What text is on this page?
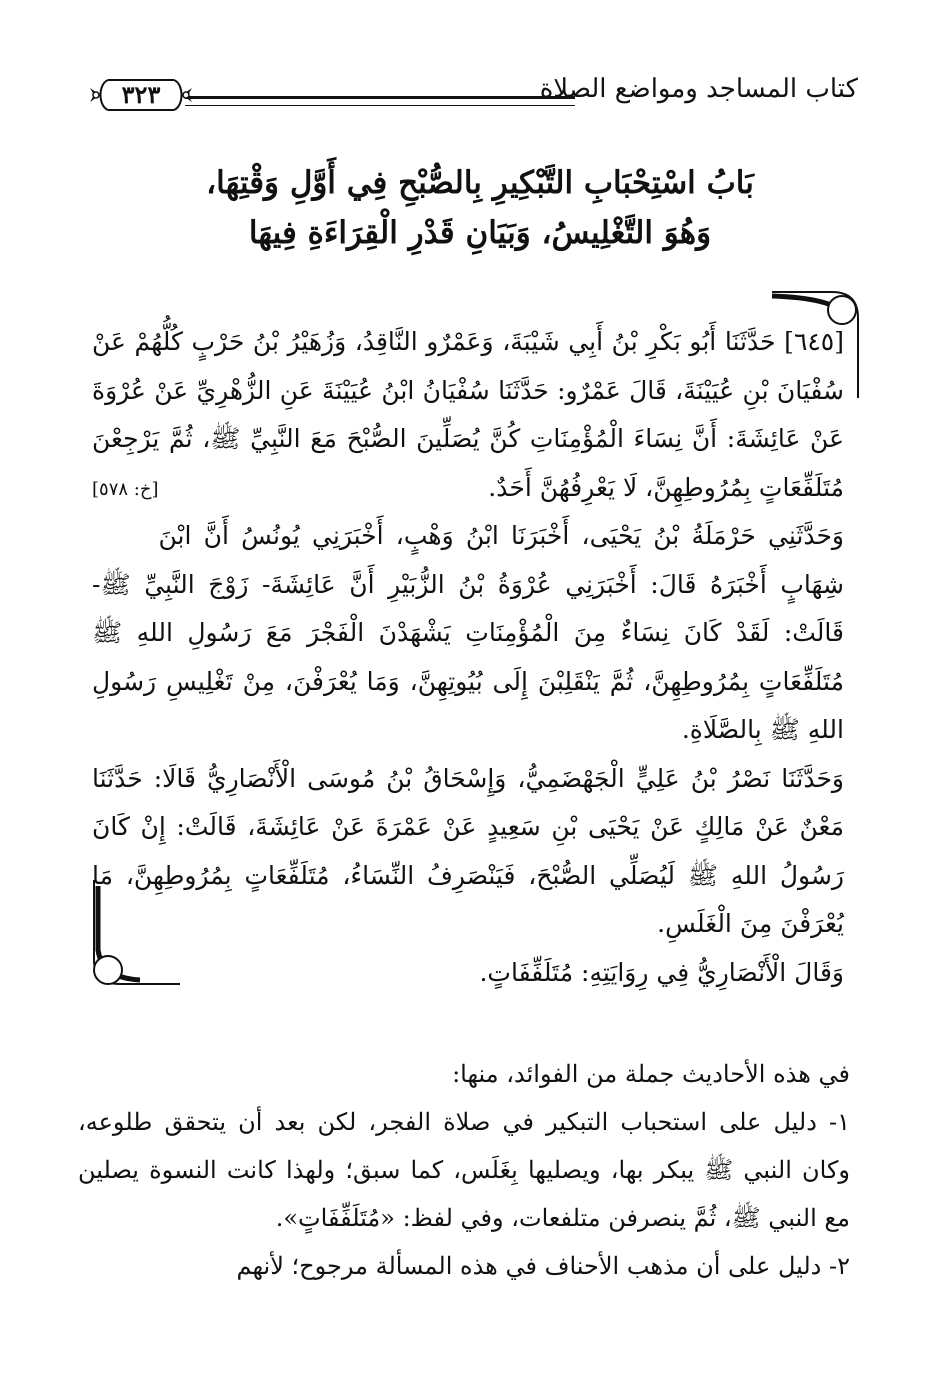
كتاب المساجد ومواضع الصلاة
٣٢٣
بَابُ اسْتِحْبَابِ التَّبْكِيرِ بِالصُّبْحِ فِي أَوَّلِ وَقْتِهَا،
وَهُوَ التَّغْلِيسُ، وَبَيَانِ قَدْرِ الْقِرَاءَةِ فِيهَا

[٦٤٥] حَدَّثَنَا أَبُو بَكْرِ بْنُ أَبِي شَيْبَةَ، وَعَمْرٌو النَّاقِدُ، وَزُهَيْرُ بْنُ حَرْبٍ كُلُّهُمْ عَنْ سُفْيَانَ بْنِ عُيَيْنَةَ، قَالَ عَمْرٌو: حَدَّثَنَا سُفْيَانُ ابْنُ عُيَيْنَةَ عَنِ الزُّهْرِيِّ عَنْ عُرْوَةَ عَنْ عَائِشَةَ: أَنَّ نِسَاءَ الْمُؤْمِنَاتِ كُنَّ يُصَلِّينَ الصُّبْحَ مَعَ النَّبِيِّ ﷺ، ثُمَّ يَرْجِعْنَ مُتَلَفِّعَاتٍ بِمُرُوطِهِنَّ، لَا يَعْرِفُهُنَّ أَحَدٌ.
[خ: ٥٧٨]

وَحَدَّثَنِي حَرْمَلَةُ بْنُ يَحْيَى، أَخْبَرَنَا ابْنُ وَهْبٍ، أَخْبَرَنِي يُونُسُ أَنَّ ابْنَ شِهَابٍ أَخْبَرَهُ قَالَ: أَخْبَرَنِي عُرْوَةُ بْنُ الزُّبَيْرِ أَنَّ عَائِشَةَ- زَوْجَ النَّبِيِّ ﷺ- قَالَتْ: لَقَدْ كَانَ نِسَاءٌ مِنَ الْمُؤْمِنَاتِ يَشْهَدْنَ الْفَجْرَ مَعَ رَسُولِ اللهِ ﷺ مُتَلَفِّعَاتٍ بِمُرُوطِهِنَّ، ثُمَّ يَنْقَلِبْنَ إِلَى بُيُوتِهِنَّ، وَمَا يُعْرَفْنَ، مِنْ تَغْلِيسِ رَسُولِ اللهِ ﷺ بِالصَّلَاةِ.

وَحَدَّثَنَا نَصْرُ بْنُ عَلِيٍّ الْجَهْضَمِيُّ، وَإِسْحَاقُ بْنُ مُوسَى الْأَنْصَارِيُّ قَالَا: حَدَّثَنَا مَعْنٌ عَنْ مَالِكٍ عَنْ يَحْيَى بْنِ سَعِيدٍ عَنْ عَمْرَةَ عَنْ عَائِشَةَ، قَالَتْ: إِنْ كَانَ رَسُولُ اللهِ ﷺ لَيُصَلِّي الصُّبْحَ، فَيَنْصَرِفُ النِّسَاءُ، مُتَلَفِّعَاتٍ بِمُرُوطِهِنَّ، مَا يُعْرَفْنَ مِنَ الْغَلَسِ.

وَقَالَ الْأَنْصَارِيُّ فِي رِوَايَتِهِ: مُتَلَفِّفَاتٍ.

في هذه الأحاديث جملة من الفوائد، منها:

١- دليل على استحباب التبكير في صلاة الفجر، لكن بعد أن يتحقق طلوعه، وكان النبي ﷺ يبكر بها، ويصليها بِغَلَس، كما سبق؛ ولهذا كانت النسوة يصلين مع النبي ﷺ، ثُمَّ ينصرفن متلفعات، وفي لفظ: «مُتَلَفِّفَاتٍ».

٢- دليل على أن مذهب الأحناف في هذه المسألة مرجوح؛ لأنهم
